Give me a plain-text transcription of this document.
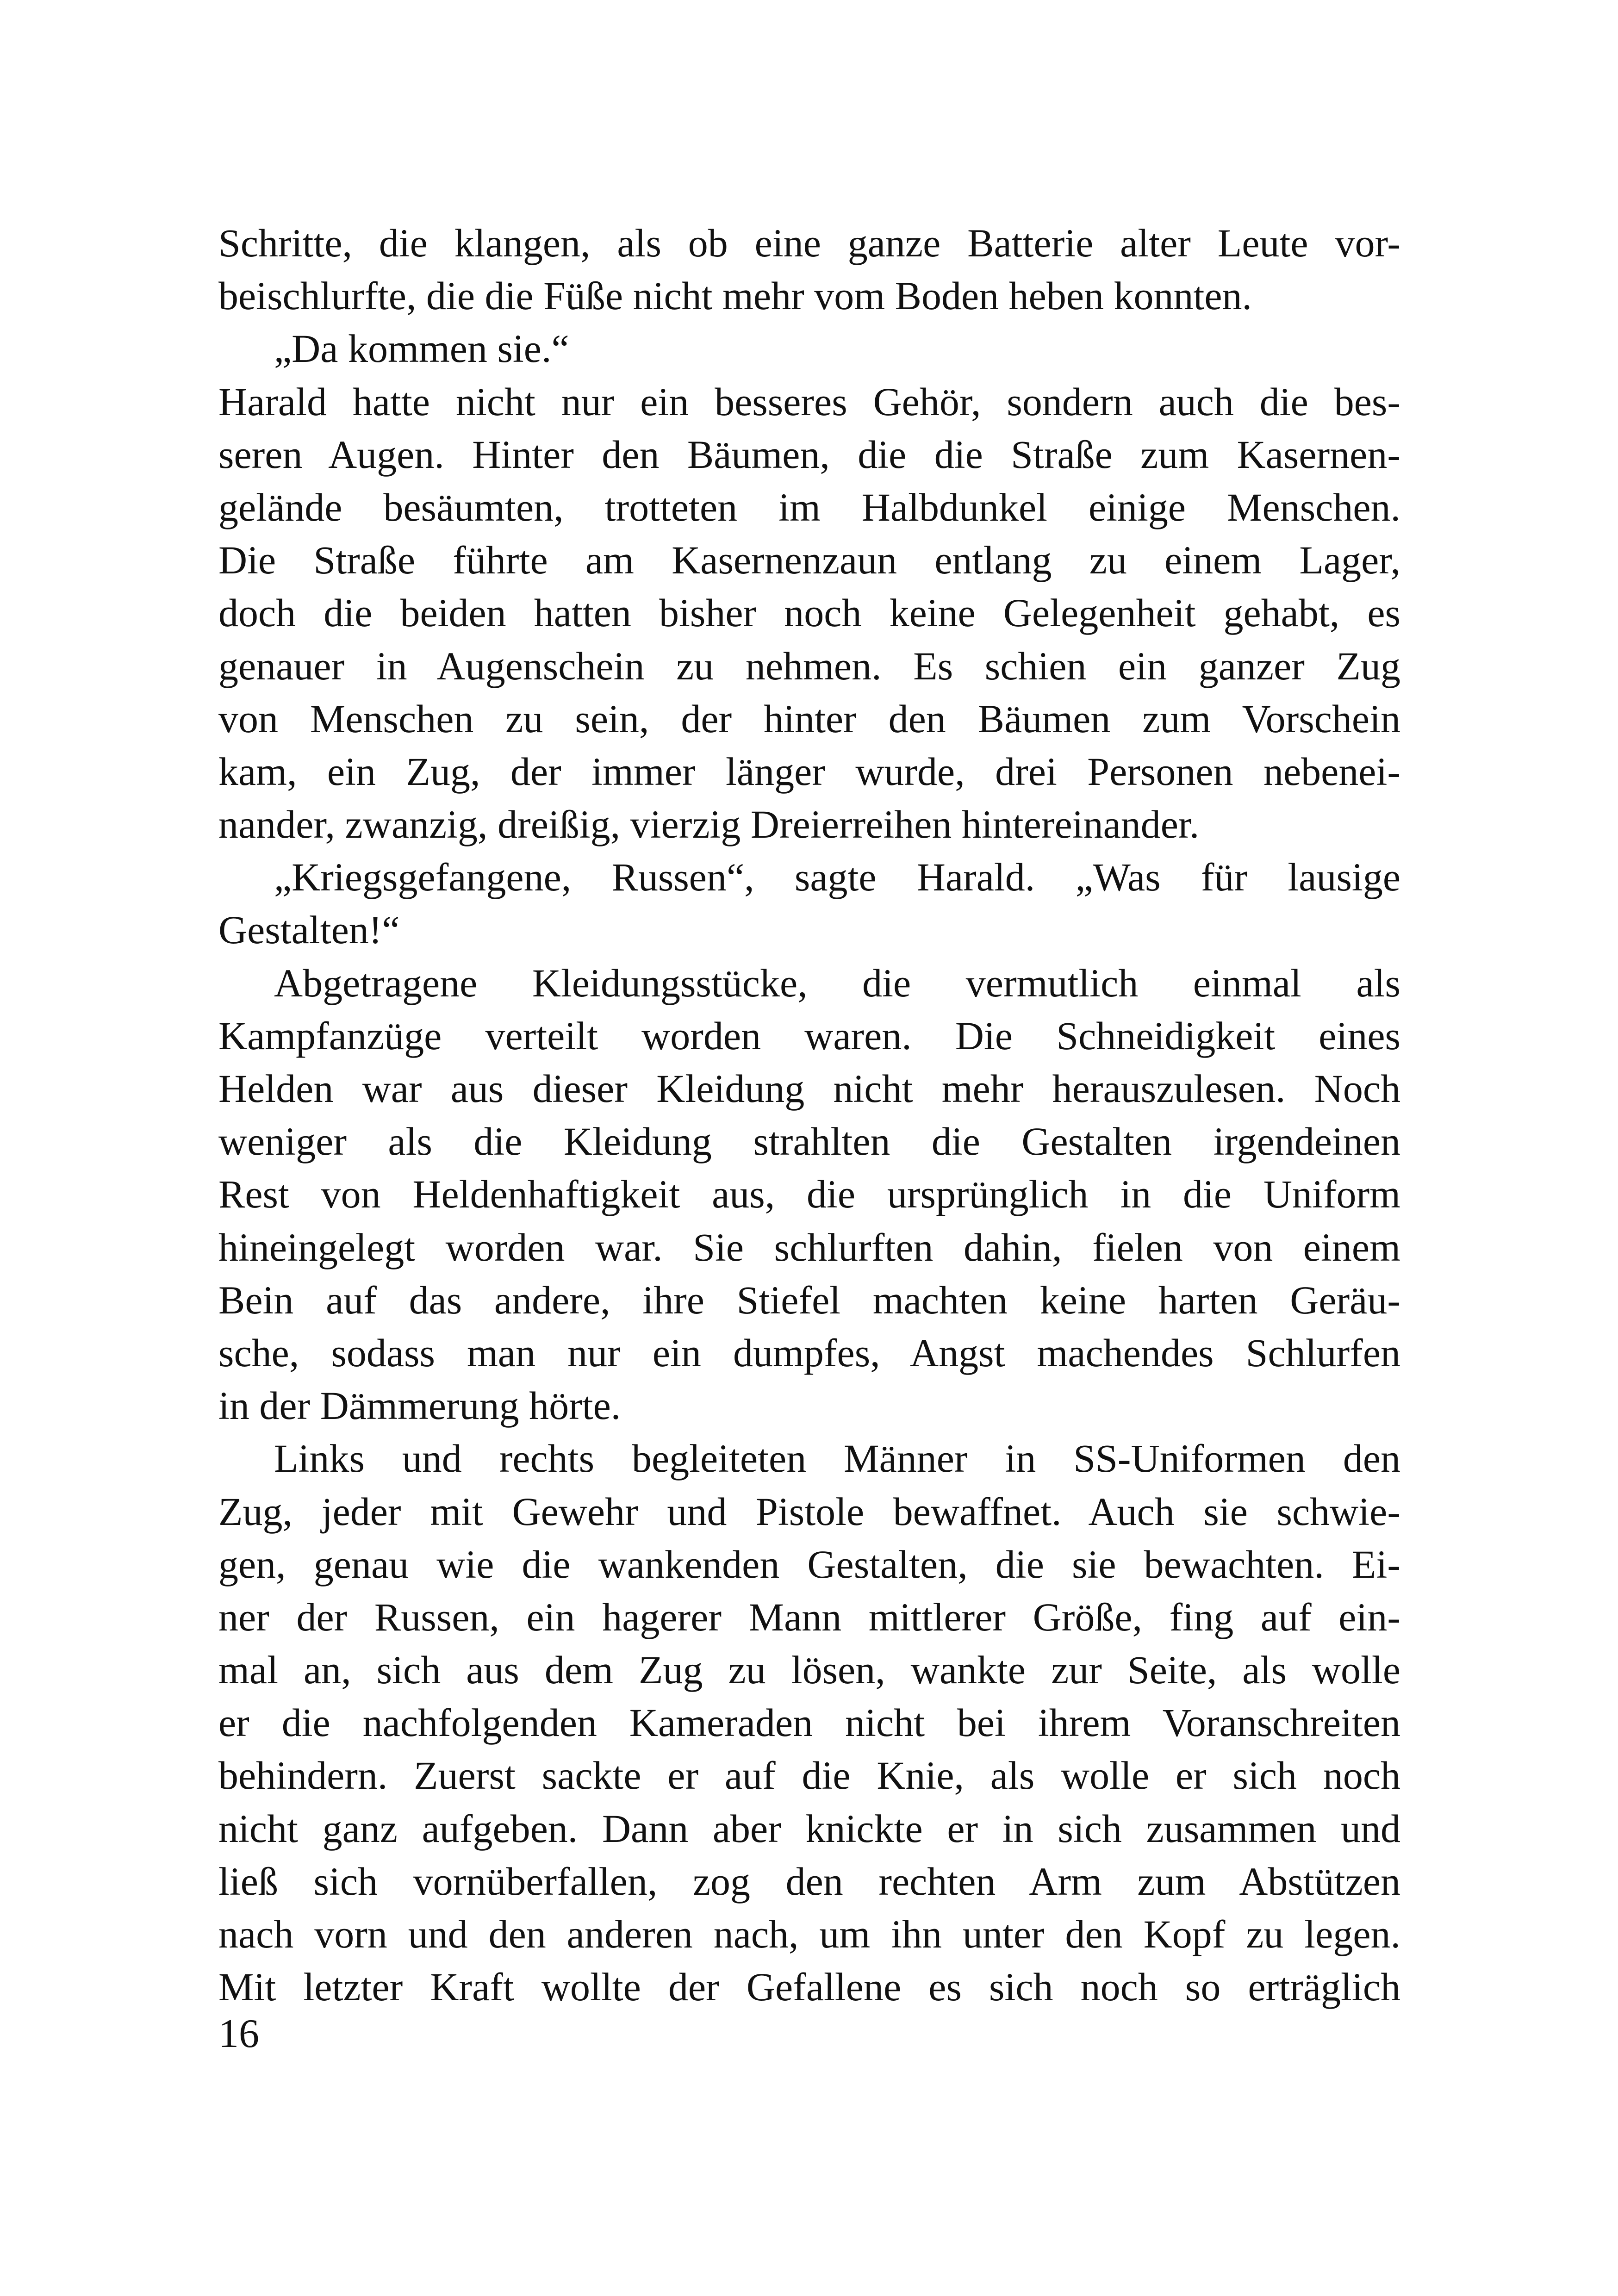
Schritte, die klangen, als ob eine ganze Batterie alter Leute vor-
beischlurfte, die die Füße nicht mehr vom Boden heben konnten.
„Da kommen sie.“
Harald hatte nicht nur ein besseres Gehör, sondern auch die bes-
seren Augen. Hinter den Bäumen, die die Straße zum Kasernen-
gelände besäumten, trotteten im Halbdunkel einige Menschen.
Die Straße führte am Kasernenzaun entlang zu einem Lager,
doch die beiden hatten bisher noch keine Gelegenheit gehabt, es
genauer in Augenschein zu nehmen. Es schien ein ganzer Zug
von Menschen zu sein, der hinter den Bäumen zum Vorschein
kam, ein Zug, der immer länger wurde, drei Personen nebenei-
nander, zwanzig, dreißig, vierzig Dreierreihen hintereinander.
„Kriegsgefangene, Russen“, sagte Harald. „Was für lausige
Gestalten!“
Abgetragene Kleidungsstücke, die vermutlich einmal als
Kampfanzüge verteilt worden waren. Die Schneidigkeit eines
Helden war aus dieser Kleidung nicht mehr herauszulesen. Noch
weniger als die Kleidung strahlten die Gestalten irgendeinen
Rest von Heldenhaftigkeit aus, die ursprünglich in die Uniform
hineingelegt worden war. Sie schlurften dahin, fielen von einem
Bein auf das andere, ihre Stiefel machten keine harten Geräu-
sche, sodass man nur ein dumpfes, Angst machendes Schlurfen
in der Dämmerung hörte.
Links und rechts begleiteten Männer in SS-Uniformen den
Zug, jeder mit Gewehr und Pistole bewaffnet. Auch sie schwie-
gen, genau wie die wankenden Gestalten, die sie bewachten. Ei-
ner der Russen, ein hagerer Mann mittlerer Größe, fing auf ein-
mal an, sich aus dem Zug zu lösen, wankte zur Seite, als wolle
er die nachfolgenden Kameraden nicht bei ihrem Voranschreiten
behindern. Zuerst sackte er auf die Knie, als wolle er sich noch
nicht ganz aufgeben. Dann aber knickte er in sich zusammen und
ließ sich vornüberfallen, zog den rechten Arm zum Abstützen
nach vorn und den anderen nach, um ihn unter den Kopf zu legen.
Mit letzter Kraft wollte der Gefallene es sich noch so erträglich
16
